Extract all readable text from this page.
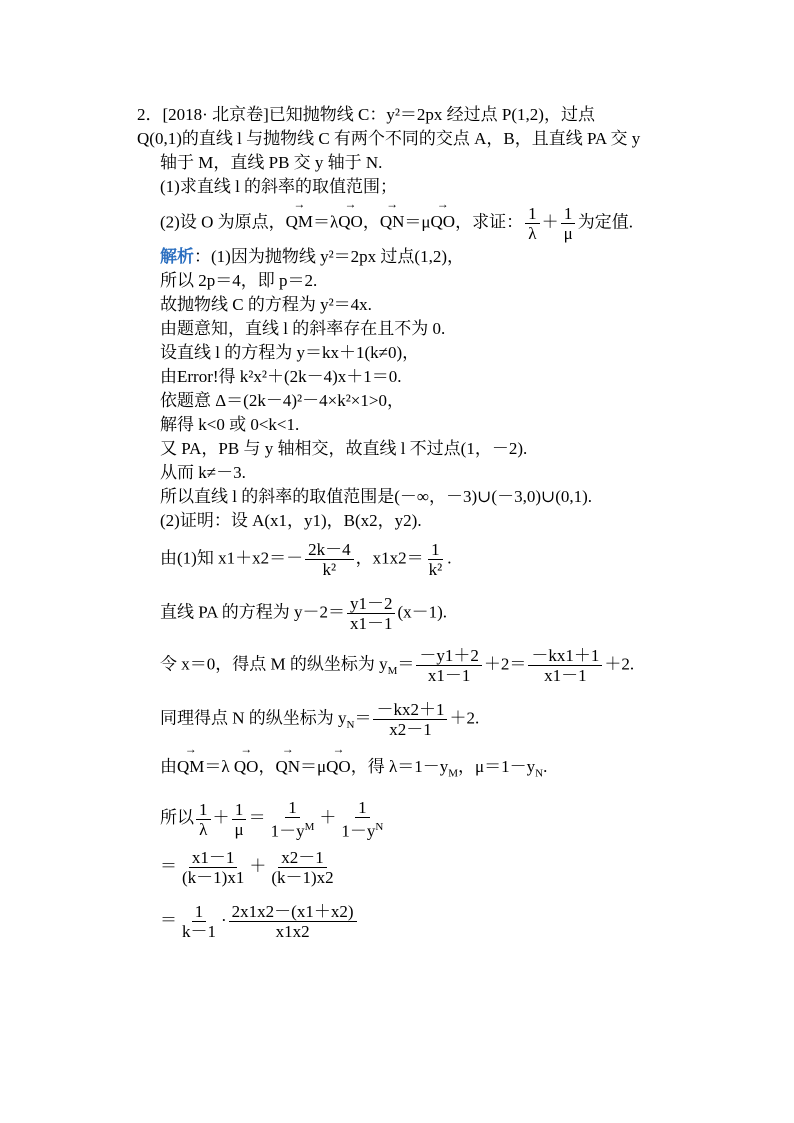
2．[2018· 北京卷]已知抛物线 C：y²＝2px 经过点 P(1,2)，过点
Q(0,1)的直线 l 与抛物线 C 有两个不同的交点 A，B，且直线 PA 交 y
轴于 M，直线 PB 交 y 轴于 N.
(1)求直线 l 的斜率的取值范围；
(2)设 O 为原点，→ QM＝λ→ QO，→ QN＝μ→ QO，求证： $\frac{1}{\lambda} + \frac{1}{\mu}$ 为定值.
解析：(1)因为抛物线 y²＝2px 过点(1,2)，
所以 2p＝4，即 p＝2.
故抛物线 C 的方程为 y²＝4x.
由题意知，直线 l 的斜率存在且不为 0.
设直线 l 的方程为 y＝kx＋1(k≠0)，
由Error!得 k²x²＋(2k－4)x＋1＝0.
依题意 Δ＝(2k－4)²－4×k²×1>0，
解得 k<0 或 0<k<1.
又 PA，PB 与 y 轴相交，故直线 l 不过点(1，－2).
从而 k≠－3.
所以直线 l 的斜率的取值范围是(－∞，－3)∪(－3,0)∪(0,1).
(2)证明：设 A(x1，y1)，B(x2，y2).
由(1)知 $x1+x2=- \frac{2k-4}{\text{k²}}$ ，$x1x2= \frac{1}{\text{k²}}$ .
直线 PA 的方程为 $y-2= \frac{y1-2}{x1-1} (x-1)$.
令 x＝0，得点 M 的纵坐标为 $y_M= \frac{-y1+2}{x1-1} +2= \frac{-kx1+1}{x1-1} +2$.
同理得点 N 的纵坐标为 $y_N= \frac{-kx2+1}{x2-1} +2$.
由→ QM＝λ → QO，→ QN＝μ→ QO，得 $\lambda=1-y_M$，$\mu=1-y_N$.
所以 $\frac{1}{\lambda} + \frac{1}{\mu} = \frac{1}{1-y^M} + \frac{1}{1-y^N}$
＝ $\frac{x1-1}{(k-1)x1} + \frac{x2-1}{(k-1)x2}$
＝ $\frac{1}{k-1} \cdot \frac{2x1x2-(x1+x2)}{x1x2}$
